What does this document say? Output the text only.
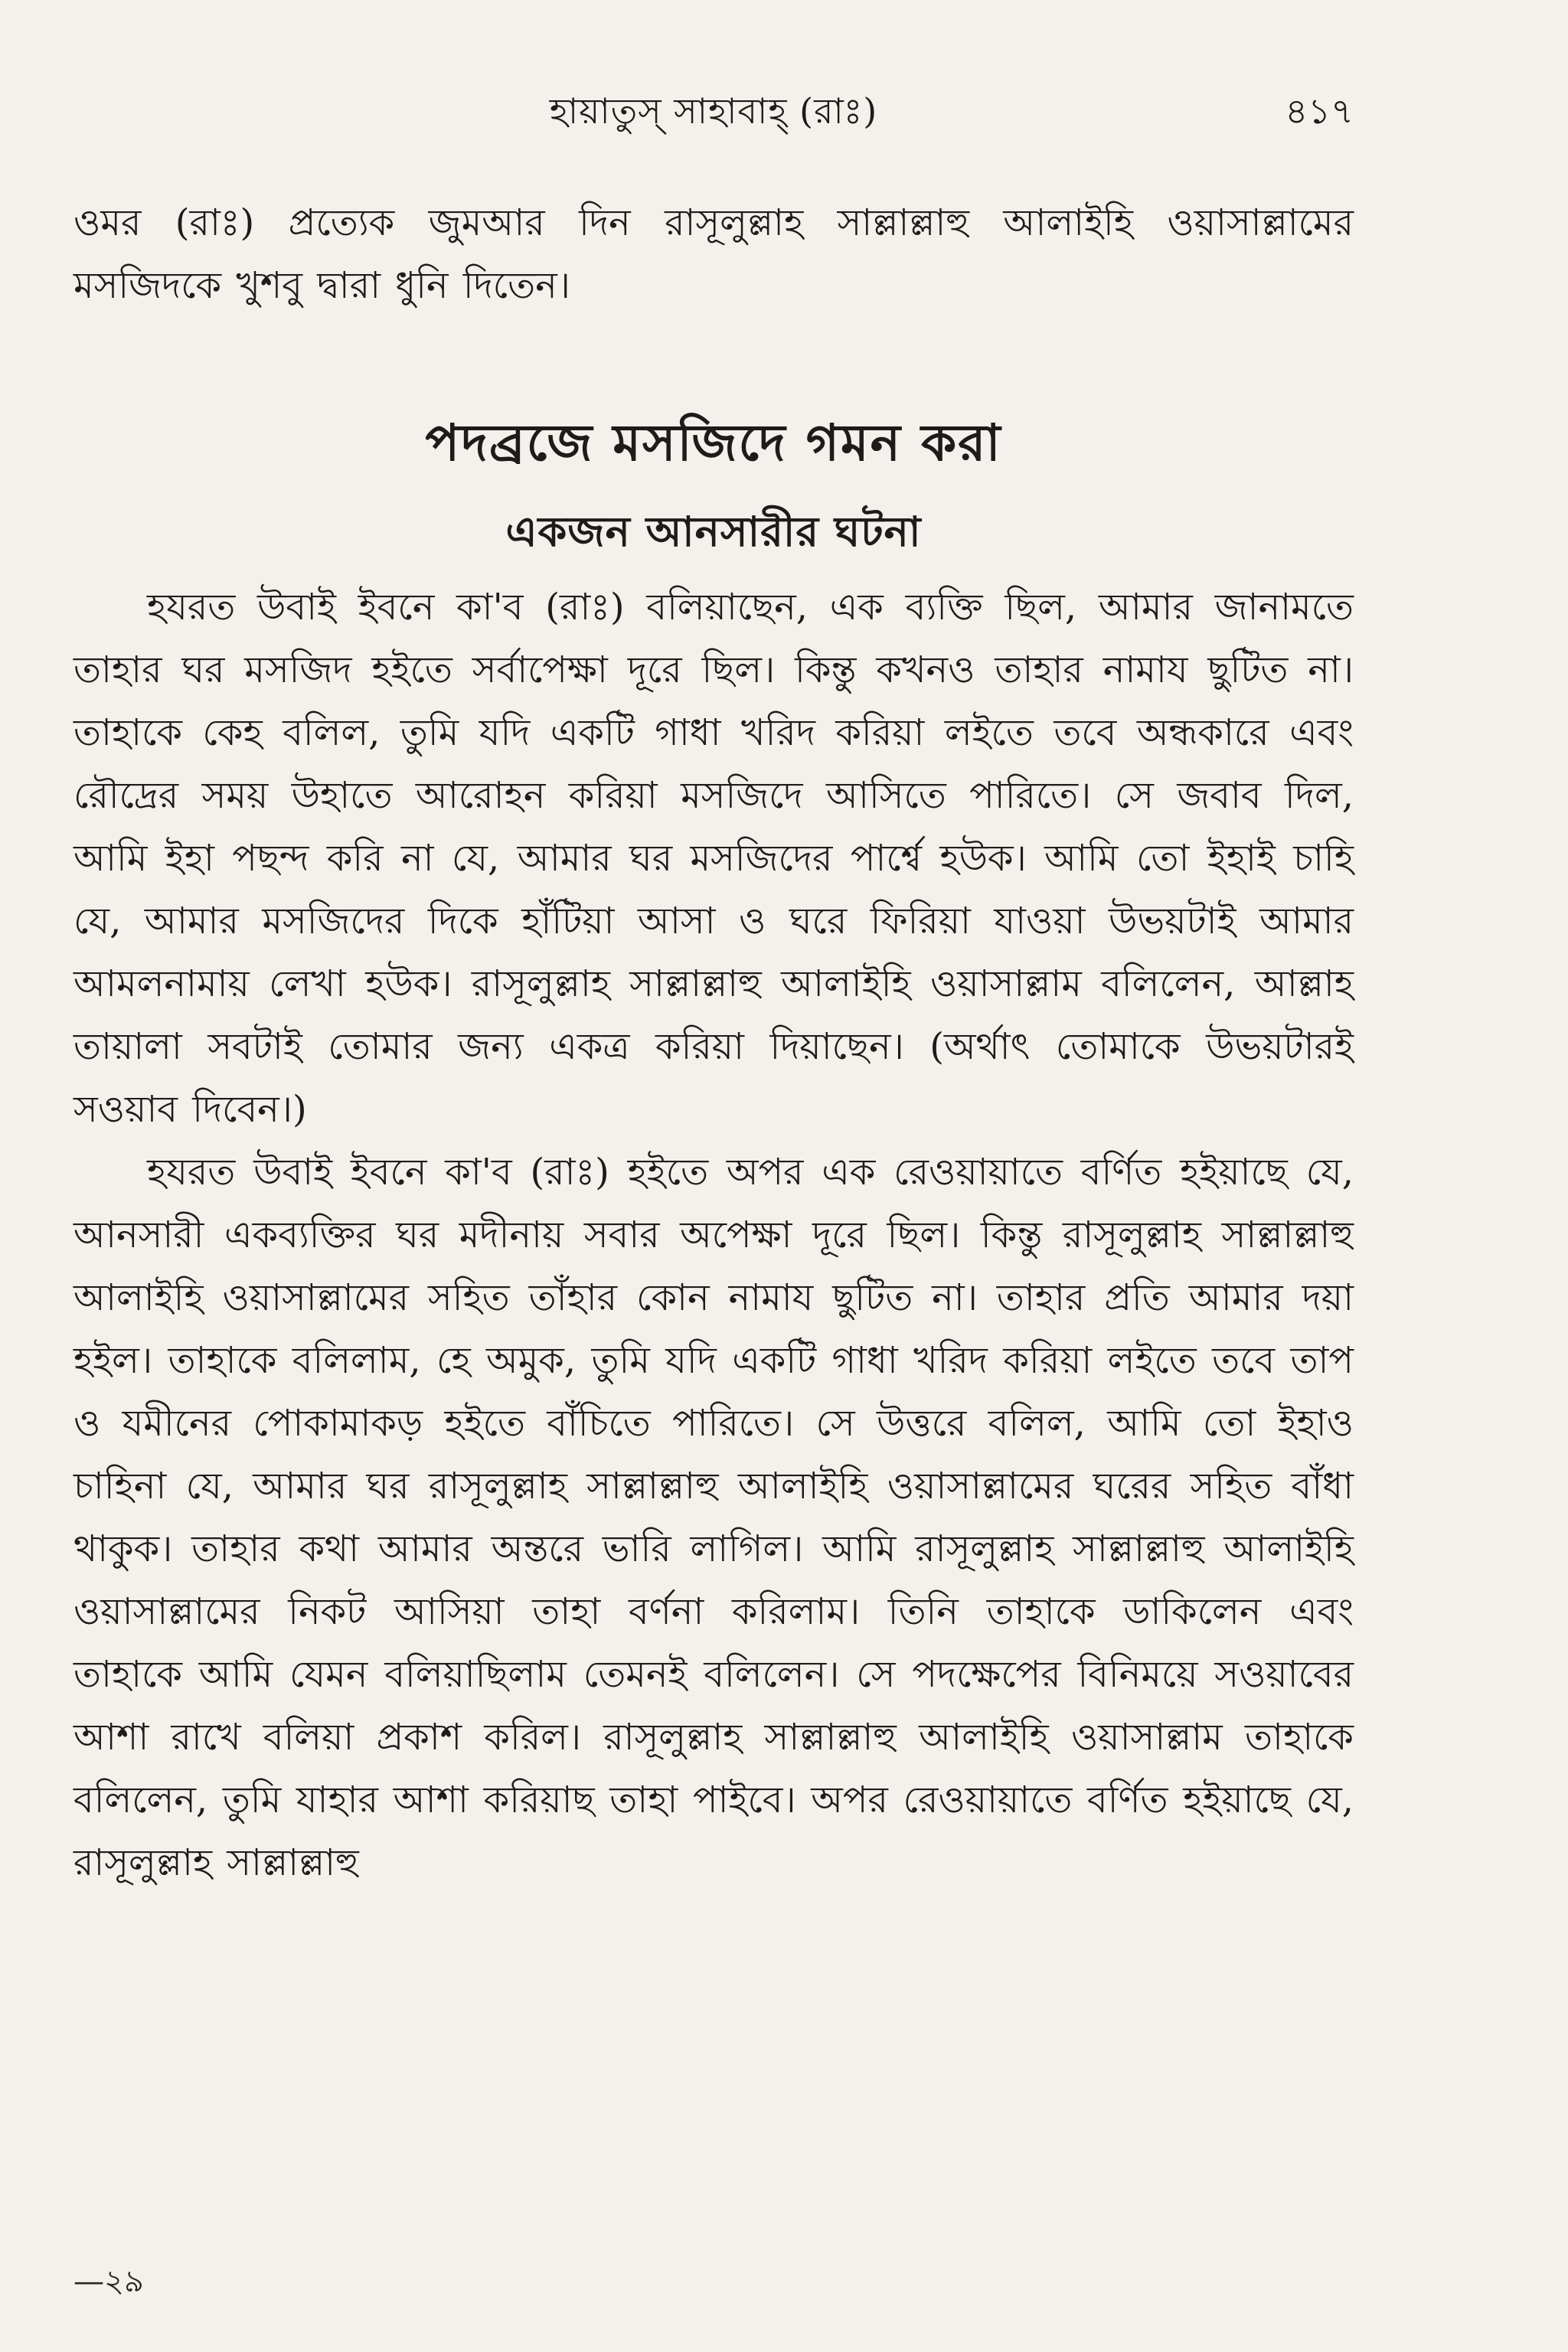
হায়াতুস্ সাহাবাহ্ (রাঃ)	৪১৭

ওমর (রাঃ) প্রত্যেক জুমআর দিন রাসূলুল্লাহ সাল্লাল্লাহু আলাইহি ওয়াসাল্লামের মসজিদকে খুশবু দ্বারা ধুনি দিতেন।

পদব্রজে মসজিদে গমন করা
একজন আনসারীর ঘটনা

হযরত উবাই ইবনে কা'ব (রাঃ) বলিয়াছেন, এক ব্যক্তি ছিল, আমার জানামতে তাহার ঘর মসজিদ হইতে সর্বাপেক্ষা দূরে ছিল। কিন্তু কখনও তাহার নামায ছুটিত না। তাহাকে কেহ বলিল, তুমি যদি একটি গাধা খরিদ করিয়া লইতে তবে অন্ধকারে এবং রৌদ্রের সময় উহাতে আরোহন করিয়া মসজিদে আসিতে পারিতে। সে জবাব দিল, আমি ইহা পছন্দ করি না যে, আমার ঘর মসজিদের পার্শ্বে হউক। আমি তো ইহাই চাহি যে, আমার মসজিদের দিকে হাঁটিয়া আসা ও ঘরে ফিরিয়া যাওয়া উভয়টাই আমার আমলনামায় লেখা হউক। রাসূলুল্লাহ সাল্লাল্লাহু আলাইহি ওয়াসাল্লাম বলিলেন, আল্লাহ তায়ালা সবটাই তোমার জন্য একত্র করিয়া দিয়াছেন। (অর্থাৎ তোমাকে উভয়টারই সওয়াব দিবেন।)

হযরত উবাই ইবনে কা'ব (রাঃ) হইতে অপর এক রেওয়ায়াতে বর্ণিত হইয়াছে যে, আনসারী একব্যক্তির ঘর মদীনায় সবার অপেক্ষা দূরে ছিল। কিন্তু রাসূলুল্লাহ সাল্লাল্লাহু আলাইহি ওয়াসাল্লামের সহিত তাঁহার কোন নামায ছুটিত না। তাহার প্রতি আমার দয়া হইল। তাহাকে বলিলাম, হে অমুক, তুমি যদি একটি গাধা খরিদ করিয়া লইতে তবে তাপ ও যমীনের পোকামাকড় হইতে বাঁচিতে পারিতে। সে উত্তরে বলিল, আমি তো ইহাও চাহিনা যে, আমার ঘর রাসূলুল্লাহ সাল্লাল্লাহু আলাইহি ওয়াসাল্লামের ঘরের সহিত বাঁধা থাকুক। তাহার কথা আমার অন্তরে ভারি লাগিল। আমি রাসূলুল্লাহ সাল্লাল্লাহু আলাইহি ওয়াসাল্লামের নিকট আসিয়া তাহা বর্ণনা করিলাম। তিনি তাহাকে ডাকিলেন এবং তাহাকে আমি যেমন বলিয়াছিলাম তেমনই বলিলেন। সে পদক্ষেপের বিনিময়ে সওয়াবের আশা রাখে বলিয়া প্রকাশ করিল। রাসূলুল্লাহ সাল্লাল্লাহু আলাইহি ওয়াসাল্লাম তাহাকে বলিলেন, তুমি যাহার আশা করিয়াছ তাহা পাইবে। অপর রেওয়ায়াতে বর্ণিত হইয়াছে যে, রাসূলুল্লাহ সাল্লাল্লাহু

—২৯
